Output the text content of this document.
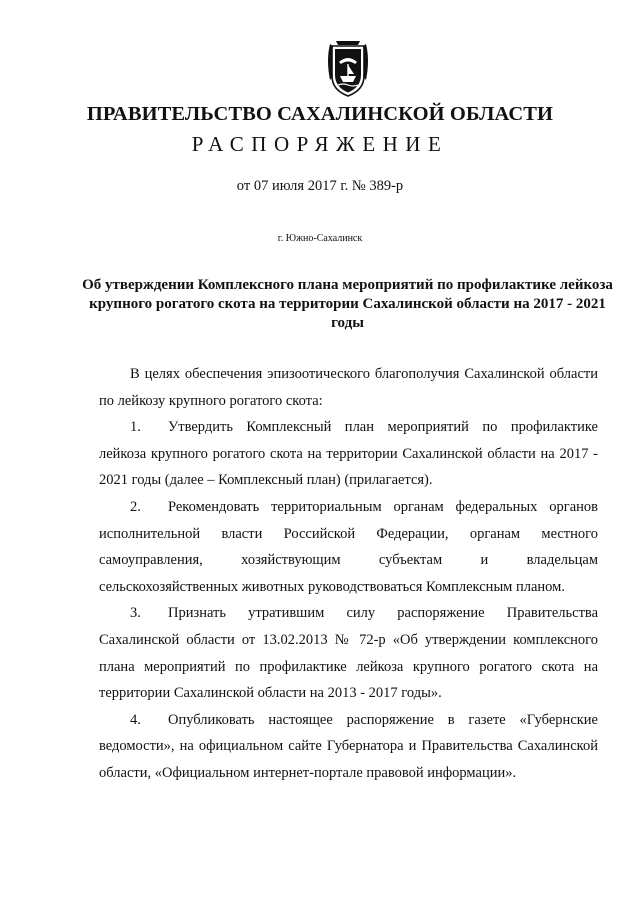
ПРАВИТЕЛЬСТВО САХАЛИНСКОЙ ОБЛАСТИ
РАСПОРЯЖЕНИЕ
от 07 июля 2017 г. № 389-р
г. Южно-Сахалинск
Об утверждении Комплексного плана мероприятий по профилактике лейкоза крупного рогатого скота на территории Сахалинской области на 2017 - 2021 годы

В целях обеспечения эпизоотического благополучия Сахалинской области по лейкозу крупного рогатого скота:

1. Утвердить Комплексный план мероприятий по профилактике лейкоза крупного рогатого скота на территории Сахалинской области на 2017 - 2021 годы (далее – Комплексный план) (прилагается).

2. Рекомендовать территориальным органам федеральных органов исполнительной власти Российской Федерации, органам местного самоуправления, хозяйствующим субъектам и владельцам сельскохозяйственных животных руководствоваться Комплексным планом.

3. Признать утратившим силу распоряжение Правительства Сахалинской области от 13.02.2013 № 72-р «Об утверждении комплексного плана мероприятий по профилактике лейкоза крупного рогатого скота на территории Сахалинской области на 2013 - 2017 годы».

4. Опубликовать настоящее распоряжение в газете «Губернские ведомости», на официальном сайте Губернатора и Правительства Сахалинской области, «Официальном интернет-портале правовой информации».
